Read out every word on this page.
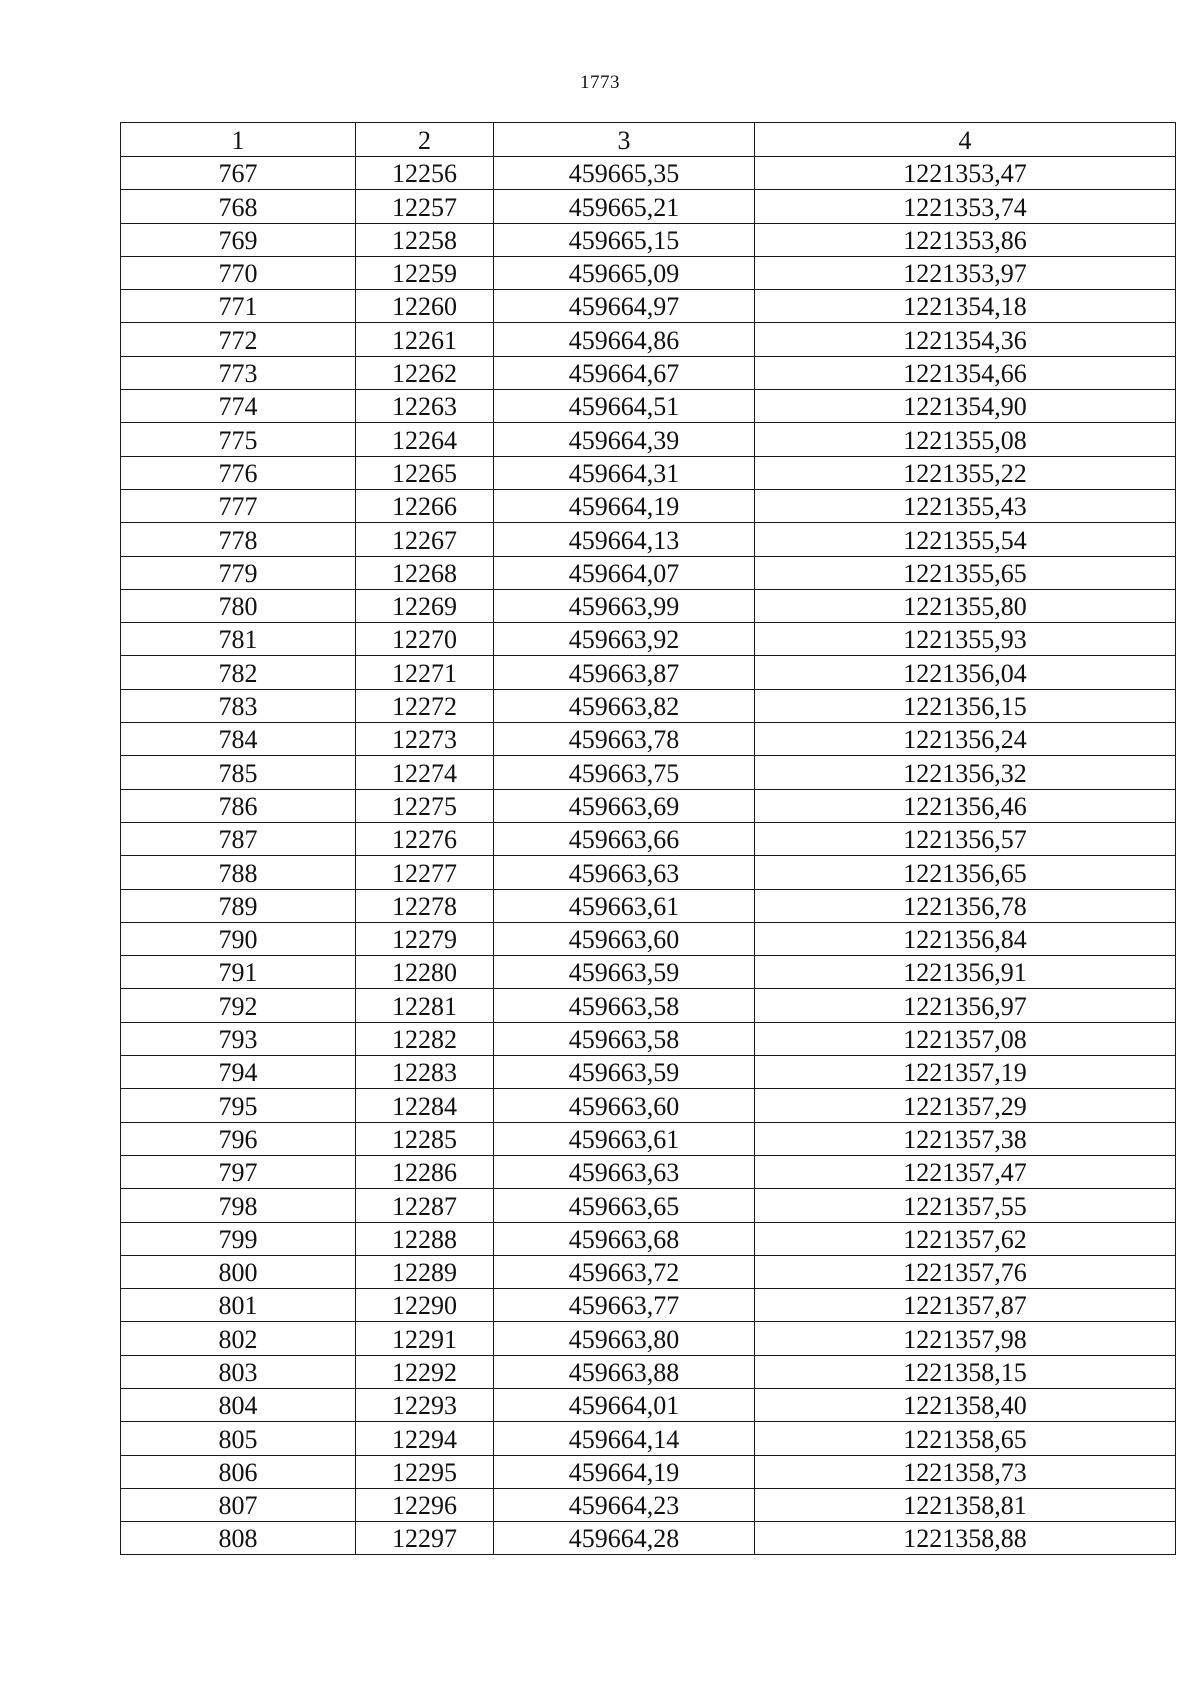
1773
1	2	3	4
767	12256	459665,35	1221353,47
768	12257	459665,21	1221353,74
769	12258	459665,15	1221353,86
770	12259	459665,09	1221353,97
771	12260	459664,97	1221354,18
772	12261	459664,86	1221354,36
773	12262	459664,67	1221354,66
774	12263	459664,51	1221354,90
775	12264	459664,39	1221355,08
776	12265	459664,31	1221355,22
777	12266	459664,19	1221355,43
778	12267	459664,13	1221355,54
779	12268	459664,07	1221355,65
780	12269	459663,99	1221355,80
781	12270	459663,92	1221355,93
782	12271	459663,87	1221356,04
783	12272	459663,82	1221356,15
784	12273	459663,78	1221356,24
785	12274	459663,75	1221356,32
786	12275	459663,69	1221356,46
787	12276	459663,66	1221356,57
788	12277	459663,63	1221356,65
789	12278	459663,61	1221356,78
790	12279	459663,60	1221356,84
791	12280	459663,59	1221356,91
792	12281	459663,58	1221356,97
793	12282	459663,58	1221357,08
794	12283	459663,59	1221357,19
795	12284	459663,60	1221357,29
796	12285	459663,61	1221357,38
797	12286	459663,63	1221357,47
798	12287	459663,65	1221357,55
799	12288	459663,68	1221357,62
800	12289	459663,72	1221357,76
801	12290	459663,77	1221357,87
802	12291	459663,80	1221357,98
803	12292	459663,88	1221358,15
804	12293	459664,01	1221358,40
805	12294	459664,14	1221358,65
806	12295	459664,19	1221358,73
807	12296	459664,23	1221358,81
808	12297	459664,28	1221358,88
